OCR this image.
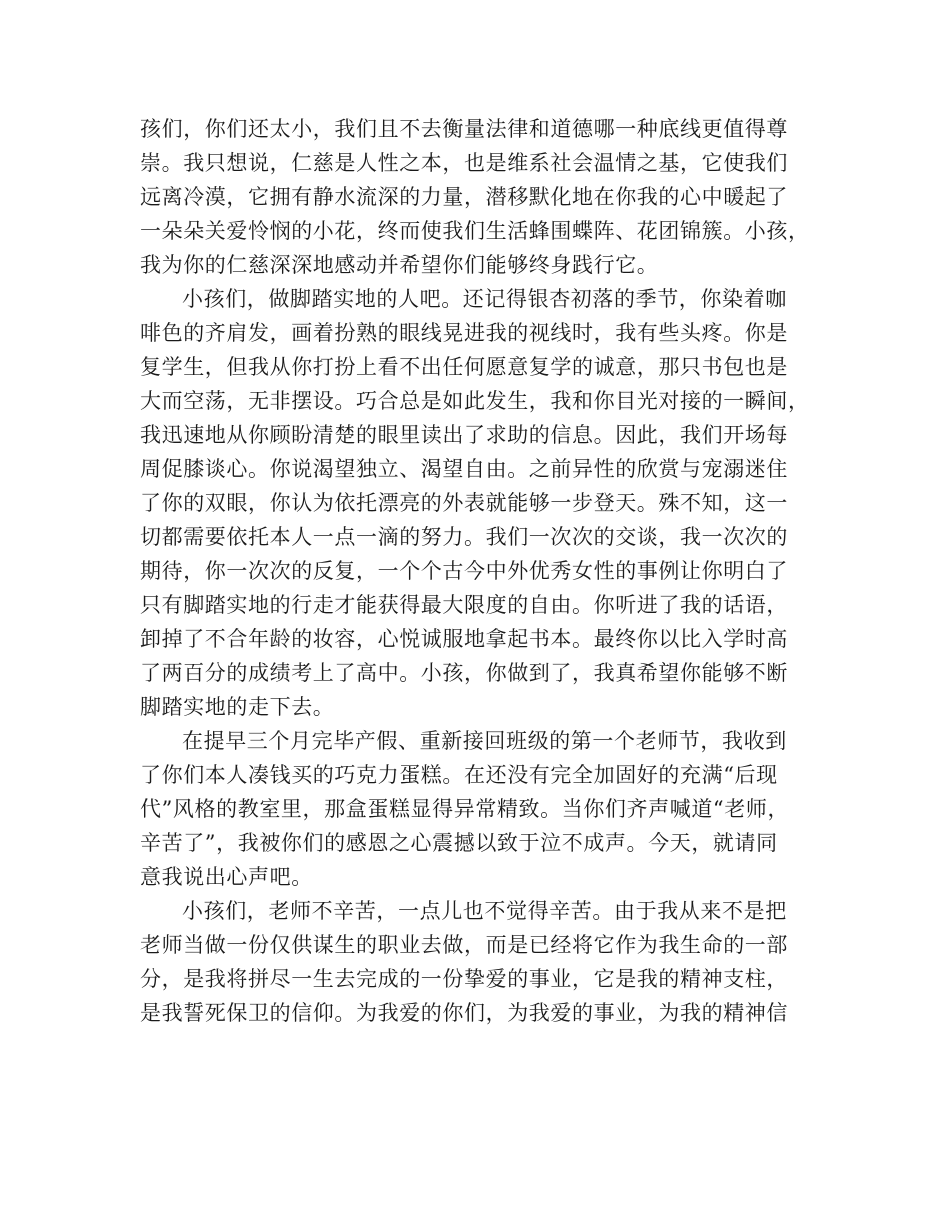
孩们，你们还太小，我们且不去衡量法律和道德哪一种底线更值得尊
崇。我只想说，仁慈是人性之本，也是维系社会温情之基，它使我们
远离冷漠，它拥有静水流深的力量，潜移默化地在你我的心中暖起了
一朵朵关爱怜悯的小花，终而使我们生活蜂围蝶阵、花团锦簇。小孩，
我为你的仁慈深深地感动并希望你们能够终身践行它。
小孩们，做脚踏实地的人吧。还记得银杏初落的季节，你染着咖
啡色的齐肩发，画着扮熟的眼线晃进我的视线时，我有些头疼。你是
复学生，但我从你打扮上看不出任何愿意复学的诚意，那只书包也是
大而空荡，无非摆设。巧合总是如此发生，我和你目光对接的一瞬间，
我迅速地从你顾盼清楚的眼里读出了求助的信息。因此，我们开场每
周促膝谈心。你说渴望独立、渴望自由。之前异性的欣赏与宠溺迷住
了你的双眼，你认为依托漂亮的外表就能够一步登天。殊不知，这一
切都需要依托本人一点一滴的努力。我们一次次的交谈，我一次次的
期待，你一次次的反复，一个个古今中外优秀女性的事例让你明白了
只有脚踏实地的行走才能获得最大限度的自由。你听进了我的话语，
卸掉了不合年龄的妆容，心悦诚服地拿起书本。最终你以比入学时高
了两百分的成绩考上了高中。小孩，你做到了，我真希望你能够不断
脚踏实地的走下去。
在提早三个月完毕产假、重新接回班级的第一个老师节，我收到
了你们本人凑钱买的巧克力蛋糕。在还没有完全加固好的充满“后现
代”风格的教室里，那盒蛋糕显得异常精致。当你们齐声喊道“老师，
辛苦了”，我被你们的感恩之心震撼以致于泣不成声。今天，就请同
意我说出心声吧。
小孩们，老师不辛苦，一点儿也不觉得辛苦。由于我从来不是把
老师当做一份仅供谋生的职业去做，而是已经将它作为我生命的一部
分，是我将拼尽一生去完成的一份挚爱的事业，它是我的精神支柱，
是我誓死保卫的信仰。为我爱的你们，为我爱的事业，为我的精神信
